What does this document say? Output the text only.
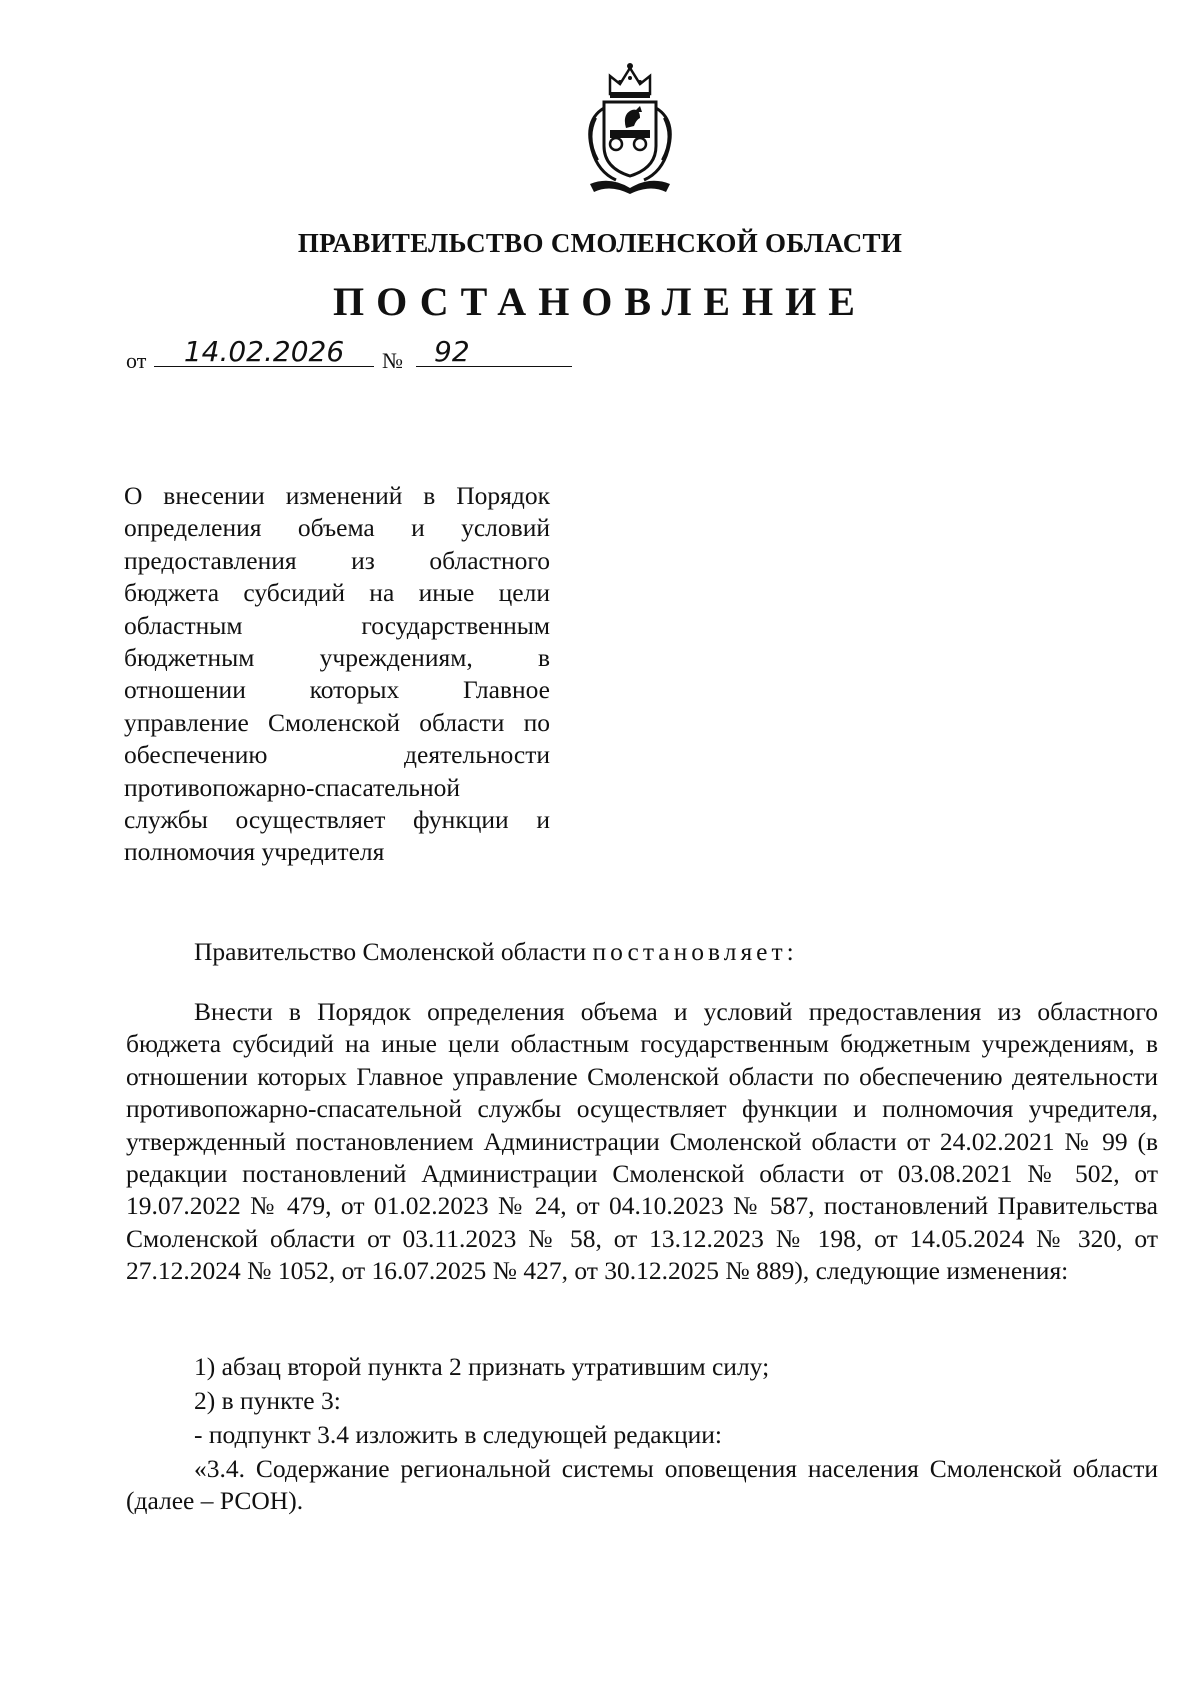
ПРАВИТЕЛЬСТВО СМОЛЕНСКОЙ ОБЛАСТИ
ПОСТАНОВЛЕНИЕ
от	14.02.2026	№	92
О внесении изменений в Порядок
определения объема и условий
предоставления из областного
бюджета субсидий на иные цели
областным государственным
бюджетным учреждениям, в
отношении которых Главное
управление Смоленской области по
обеспечению деятельности
противопожарно-спасательной
службы осуществляет функции и
полномочия учредителя
Правительство Смоленской области постановляет:
Внести в Порядок определения объема и условий предоставления из областного бюджета субсидий на иные цели областным государственным бюджетным учреждениям, в отношении которых Главное управление Смоленской области по обеспечению деятельности противопожарно-спасательной службы осуществляет функции и полномочия учредителя, утвержденный постановлением Администрации Смоленской области от 24.02.2021 № 99 (в редакции постановлений Администрации Смоленской области от 03.08.2021 № 502, от 19.07.2022 № 479, от 01.02.2023 № 24, от 04.10.2023 № 587, постановлений Правительства Смоленской области от 03.11.2023 № 58, от 13.12.2023 № 198, от 14.05.2024 № 320, от 27.12.2024 № 1052, от 16.07.2025 № 427, от 30.12.2025 № 889), следующие изменения:
1) абзац второй пункта 2 признать утратившим силу;
2) в пункте 3:
- подпункт 3.4 изложить в следующей редакции:
«3.4. Содержание региональной системы оповещения населения Смоленской области (далее – РСОН).
